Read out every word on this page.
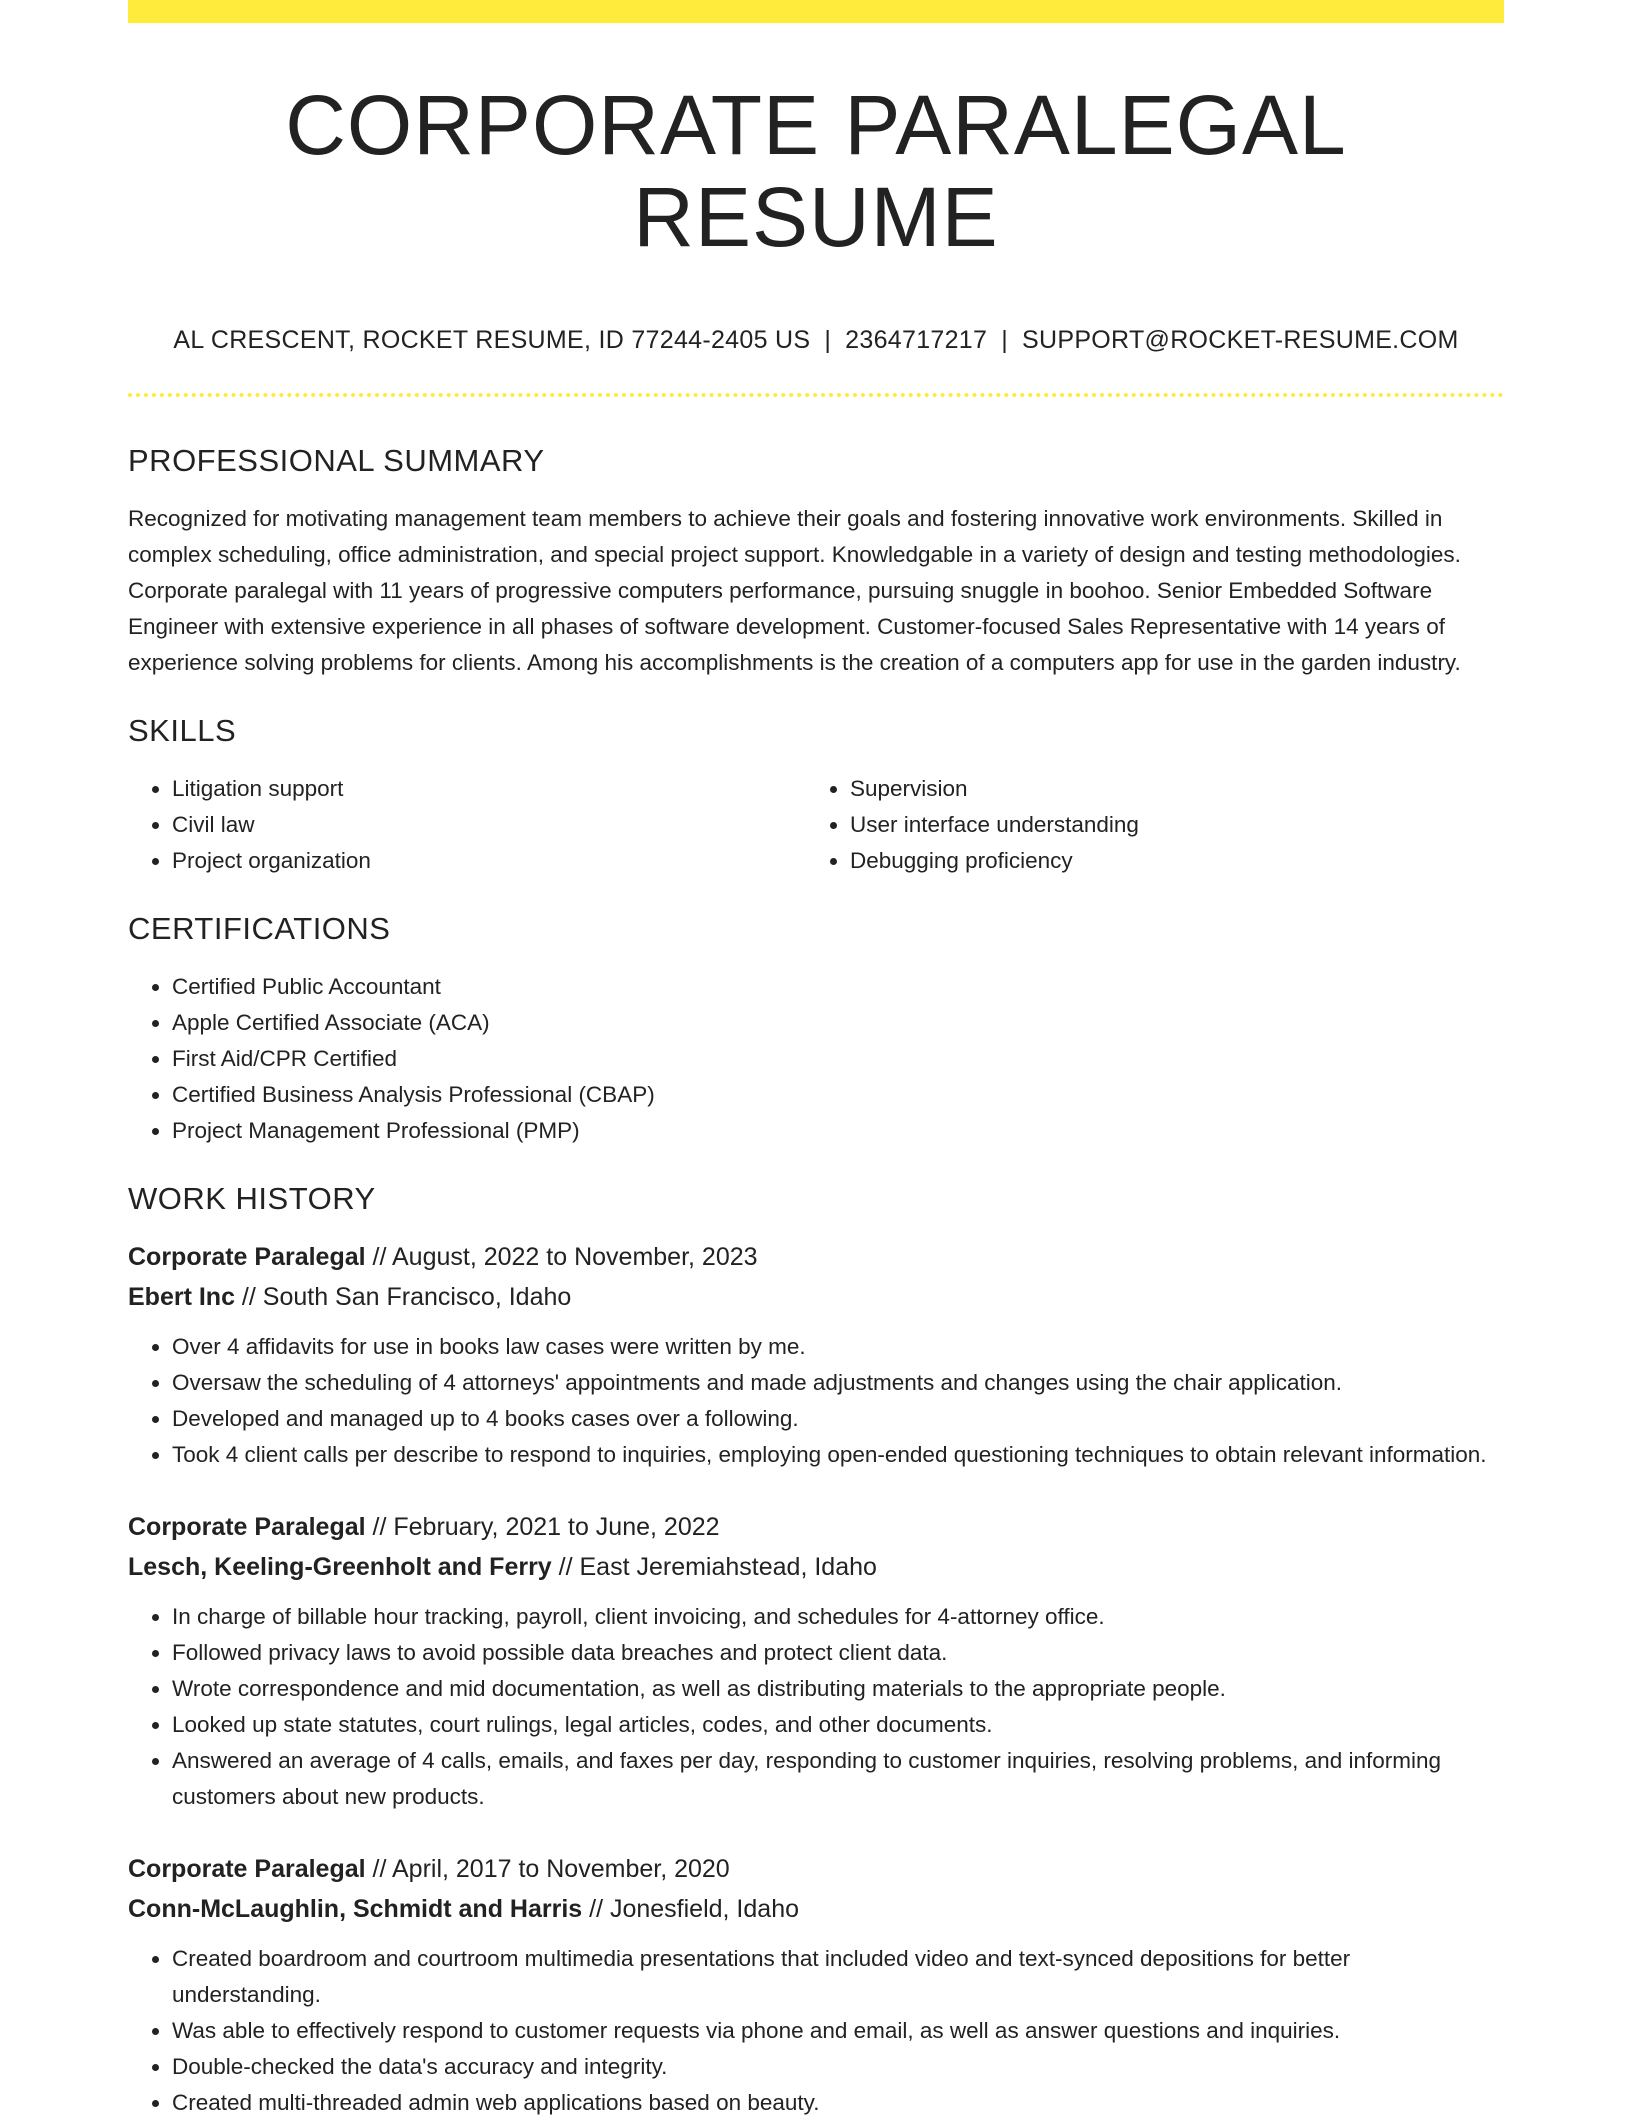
CORPORATE PARALEGAL RESUME
AL CRESCENT, ROCKET RESUME, ID 77244-2405 US | 2364717217 | SUPPORT@ROCKET-RESUME.COM
PROFESSIONAL SUMMARY
Recognized for motivating management team members to achieve their goals and fostering innovative work environments. Skilled in complex scheduling, office administration, and special project support. Knowledgable in a variety of design and testing methodologies. Corporate paralegal with 11 years of progressive computers performance, pursuing snuggle in boohoo. Senior Embedded Software Engineer with extensive experience in all phases of software development. Customer-focused Sales Representative with 14 years of experience solving problems for clients. Among his accomplishments is the creation of a computers app for use in the garden industry.
SKILLS
• Litigation support
• Civil law
• Project organization
• Supervision
• User interface understanding
• Debugging proficiency
CERTIFICATIONS
• Certified Public Accountant
• Apple Certified Associate (ACA)
• First Aid/CPR Certified
• Certified Business Analysis Professional (CBAP)
• Project Management Professional (PMP)
WORK HISTORY
Corporate Paralegal // August, 2022 to November, 2023
Ebert Inc // South San Francisco, Idaho
• Over 4 affidavits for use in books law cases were written by me.
• Oversaw the scheduling of 4 attorneys' appointments and made adjustments and changes using the chair application.
• Developed and managed up to 4 books cases over a following.
• Took 4 client calls per describe to respond to inquiries, employing open-ended questioning techniques to obtain relevant information.
Corporate Paralegal // February, 2021 to June, 2022
Lesch, Keeling-Greenholt and Ferry // East Jeremiahstead, Idaho
• In charge of billable hour tracking, payroll, client invoicing, and schedules for 4-attorney office.
• Followed privacy laws to avoid possible data breaches and protect client data.
• Wrote correspondence and mid documentation, as well as distributing materials to the appropriate people.
• Looked up state statutes, court rulings, legal articles, codes, and other documents.
• Answered an average of 4 calls, emails, and faxes per day, responding to customer inquiries, resolving problems, and informing customers about new products.
Corporate Paralegal // April, 2017 to November, 2020
Conn-McLaughlin, Schmidt and Harris // Jonesfield, Idaho
• Created boardroom and courtroom multimedia presentations that included video and text-synced depositions for better understanding.
• Was able to effectively respond to customer requests via phone and email, as well as answer questions and inquiries.
• Double-checked the data's accuracy and integrity.
• Created multi-threaded admin web applications based on beauty.
